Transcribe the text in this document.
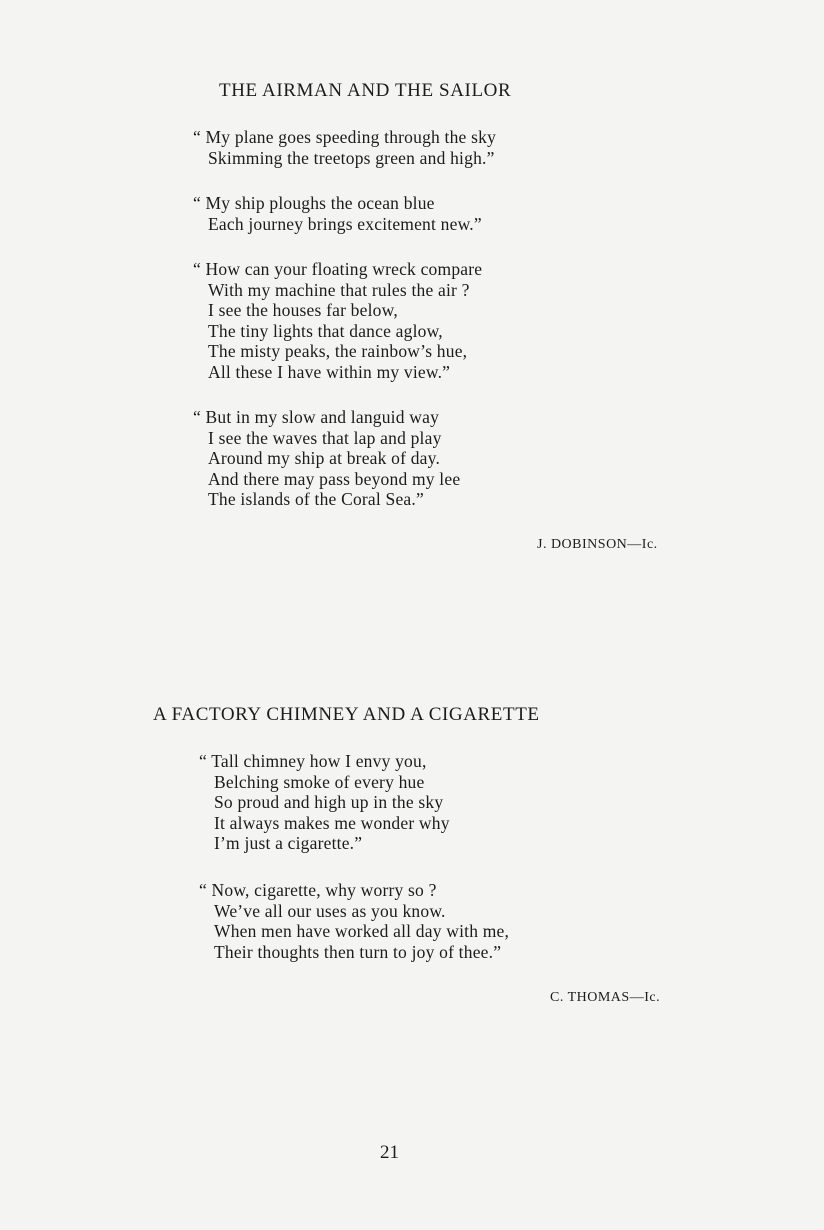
THE AIRMAN AND THE SAILOR
“ My plane goes speeding through the sky
Skimming the treetops green and high.”
“ My ship ploughs the ocean blue
Each journey brings excitement new.”
“ How can your floating wreck compare
With my machine that rules the air ?
I see the houses far below,
The tiny lights that dance aglow,
The misty peaks, the rainbow’s hue,
All these I have within my view.”
“ But in my slow and languid way
I see the waves that lap and play
Around my ship at break of day.
And there may pass beyond my lee
The islands of the Coral Sea.”
J. DOBINSON—Ic.
A FACTORY CHIMNEY AND A CIGARETTE
“ Tall chimney how I envy you,
Belching smoke of every hue
So proud and high up in the sky
It always makes me wonder why
I’m just a cigarette.”
“ Now, cigarette, why worry so ?
We’ve all our uses as you know.
When men have worked all day with me,
Their thoughts then turn to joy of thee.”
C. THOMAS—Ic.
21
